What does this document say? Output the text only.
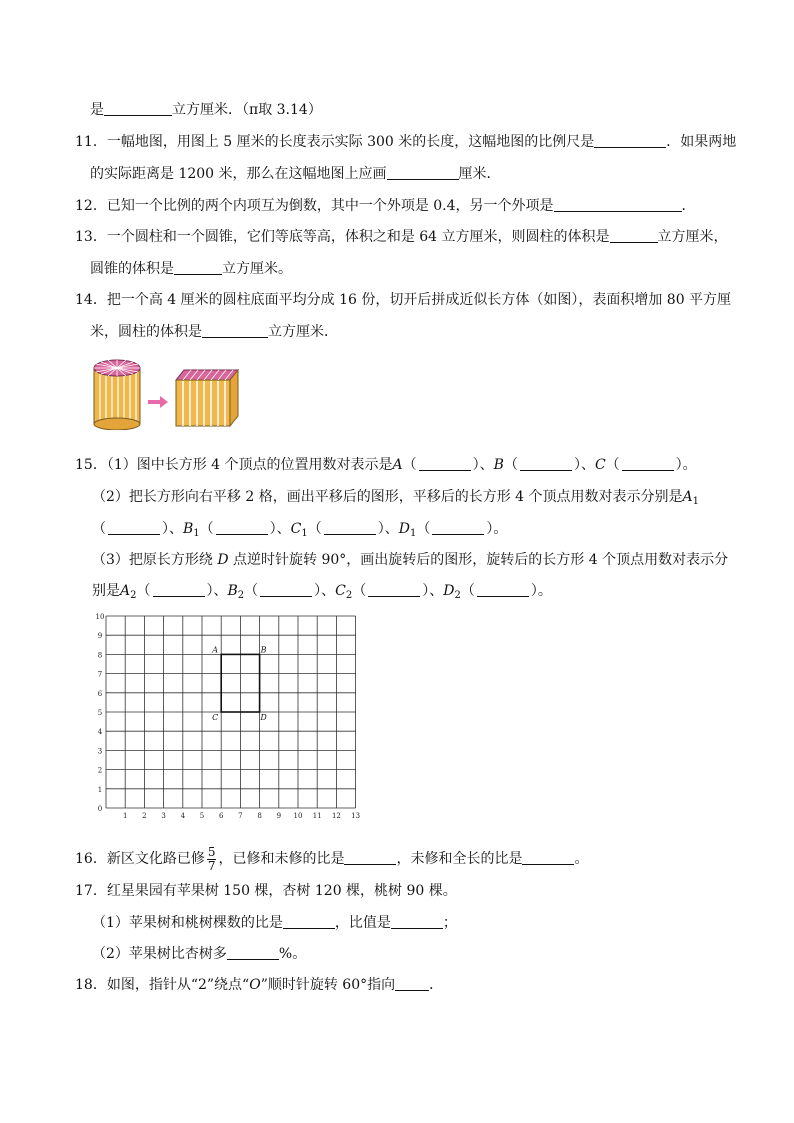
是	立方厘米．（π取 3.14）
11．一幅地图，用图上 5 厘米的长度表示实际 300 米的长度，这幅地图的比例尺是	．如果两地
的实际距离是 1200 米，那么在这幅地图上应画	厘米．
12．已知一个比例的两个内项互为倒数，其中一个外项是 0.4，另一个外项是	．
13．一个圆柱和一个圆锥，它们等底等高，体积之和是 64 立方厘米，则圆柱的体积是	立方厘米，
圆锥的体积是	立方厘米。
14．把一个高 4 厘米的圆柱底面平均分成 16 份，切开后拼成近似长方体（如图），表面积增加 80 平方厘
米，圆柱的体积是	立方厘米．
15．（1）图中长方形 4 个顶点的位置用数对表示是A（	）、B（	）、C（	）。
（2）把长方形向右平移 2 格，画出平移后的图形，平移后的长方形 4 个顶点用数对表示分别是$A_1$
（	）、$B_1$（	）、$C_1$（	）、$D_1$（	）。
（3）把原长方形绕 D 点逆时针旋转 90°，画出旋转后的图形，旋转后的长方形 4 个顶点用数对表示分
别是$A_2$（	）、$B_2$（	）、$C_2$（	）、$D_2$（	）。
0
1 2 3 4 5 6 7 8 9 10 11 12 13
1
2
3
4
5
6
7
8
9
10
A	B
C	D
16．新区文化路已修 $\frac{5}{7}$ ，已修和未修的比是	，未修和全长的比是	。
17．红星果园有苹果树 150 棵，杏树 120 棵，桃树 90 棵。
（1）苹果树和桃树棵数的比是	，比值是	；
（2）苹果树比杏树多	%。
18．如图，指针从“2”绕点“O”顺时针旋转 60°指向 ．
